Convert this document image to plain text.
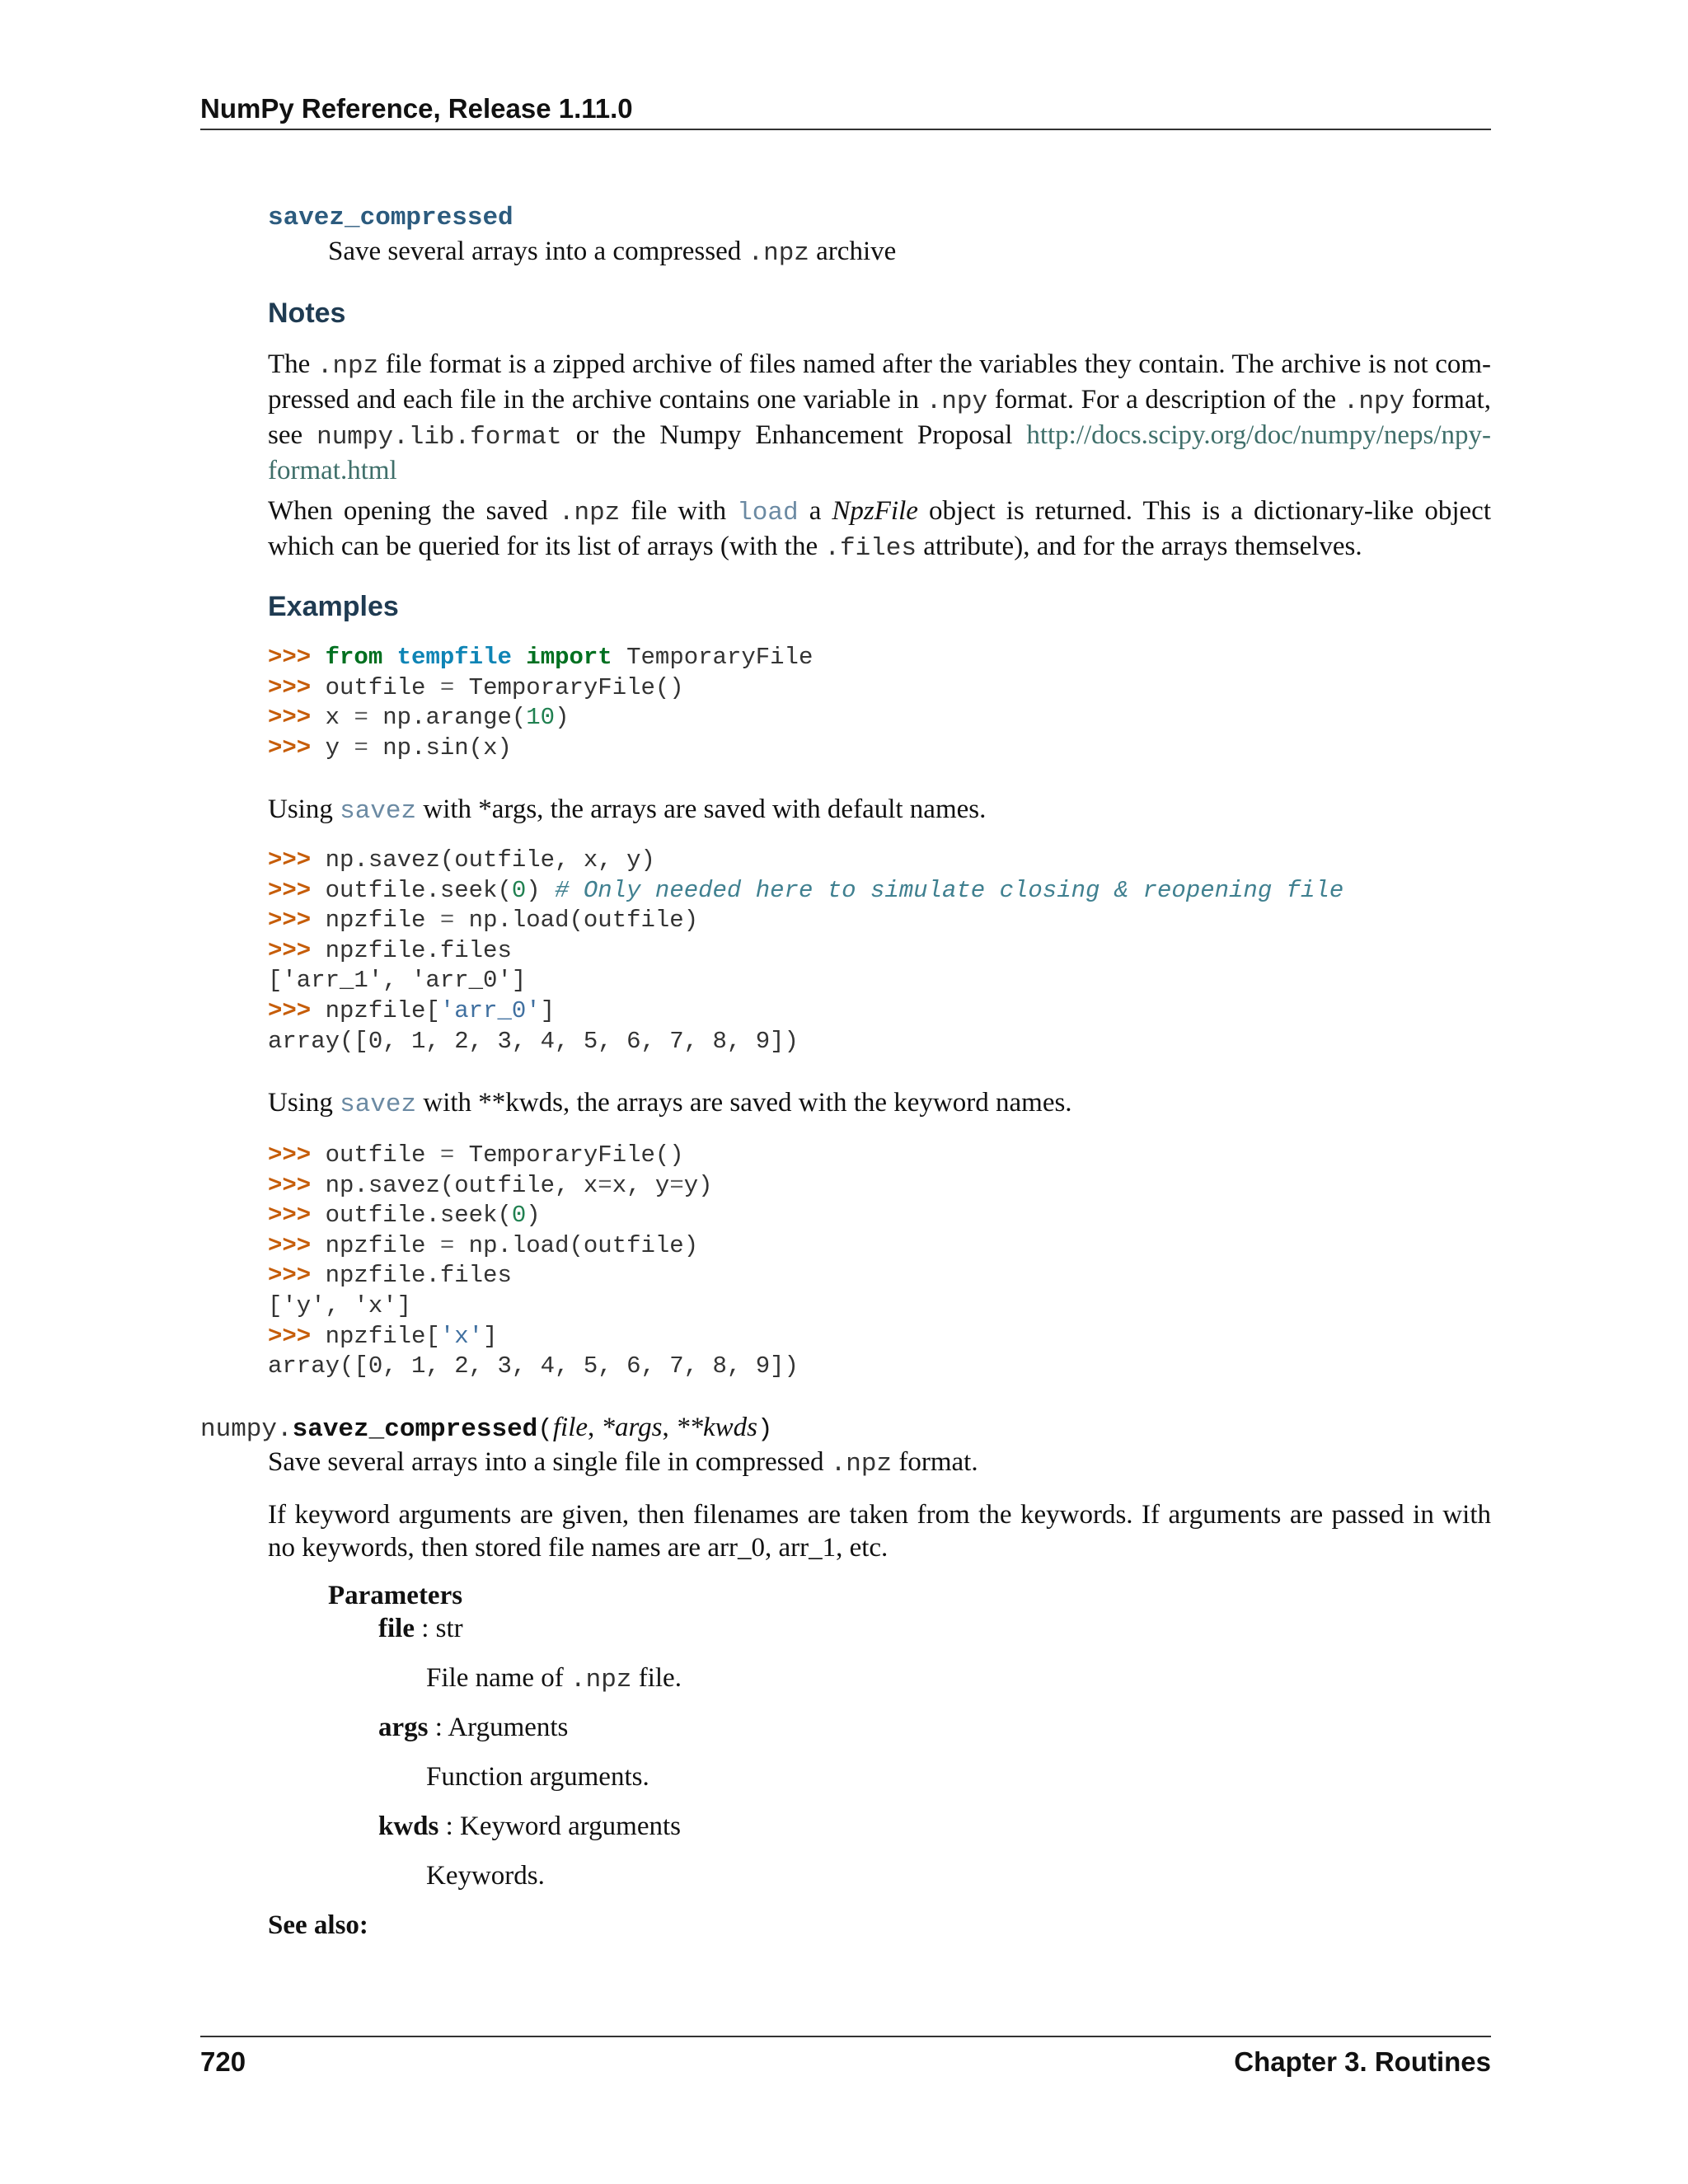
NumPy Reference, Release 1.11.0
savez_compressed
Save several arrays into a compressed .npz archive
Notes

The .npz file format is a zipped archive of files named after the variables they contain. The archive is not com-pressed and each file in the archive contains one variable in .npy format. For a description of the .npy format, see numpy.lib.format or the Numpy Enhancement Proposal http://docs.scipy.org/doc/numpy/neps/npy-format.html

When opening the saved .npz file with load a NpzFile object is returned. This is a dictionary-like object which can be queried for its list of arrays (with the .files attribute), and for the arrays themselves.

Examples
>>> from tempfile import TemporaryFile
>>> outfile = TemporaryFile()
>>> x = np.arange(10)
>>> y = np.sin(x)

Using savez with *args, the arrays are saved with default names.

>>> np.savez(outfile, x, y)
>>> outfile.seek(0) # Only needed here to simulate closing & reopening file
>>> npzfile = np.load(outfile)
>>> npzfile.files
['arr_1', 'arr_0']
>>> npzfile['arr_0']
array([0, 1, 2, 3, 4, 5, 6, 7, 8, 9])

Using savez with **kwds, the arrays are saved with the keyword names.

>>> outfile = TemporaryFile()
>>> np.savez(outfile, x=x, y=y)
>>> outfile.seek(0)
>>> npzfile = np.load(outfile)
>>> npzfile.files
['y', 'x']
>>> npzfile['x']
array([0, 1, 2, 3, 4, 5, 6, 7, 8, 9])
numpy.savez_compressed(file, *args, **kwds)

Save several arrays into a single file in compressed .npz format.

If keyword arguments are given, then filenames are taken from the keywords. If arguments are passed in with no keywords, then stored file names are arr_0, arr_1, etc.

Parameters
file : str
File name of .npz file.
args : Arguments
Function arguments.
kwds : Keyword arguments
Keywords.
See also:
720	Chapter 3. Routines
